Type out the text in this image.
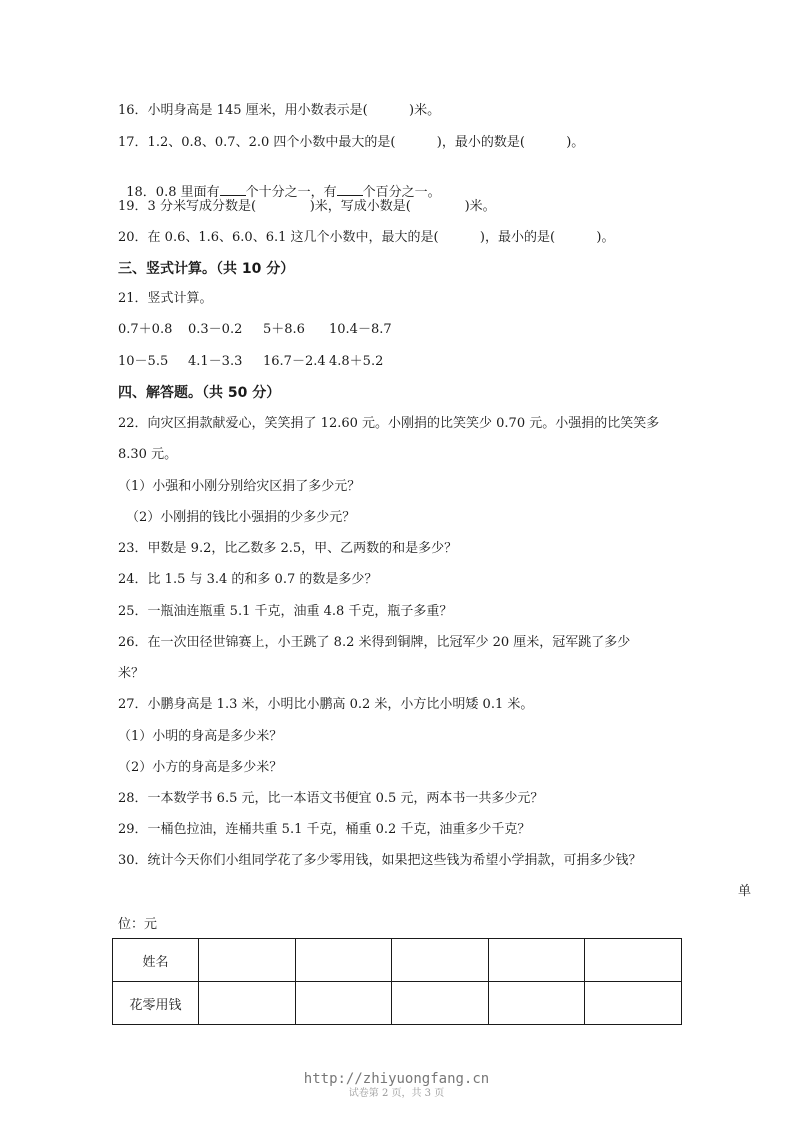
16．小明身高是 145 厘米，用小数表示是(          )米。
17．1.2、0.8、0.7、2.0 四个小数中最大的是(          )，最小的数是(          )。

18．0.8 里面有 个十分之一，有 个百分之一。

19．3 分米写成分数是(             )米，写成小数是(             )米。
20．在 0.6、1.6、6.0、6.1 这几个小数中，最大的是(          )，最小的是(          )。
三、竖式计算。（共 10 分）
21．竖式计算。

0.7＋0.8

0.3－0.2

5＋8.6

10.4－8.7

10－5.5

4.1－3.3

16.7－2.4

4.8＋5.2

四、解答题。（共 50 分）
22．向灾区捐款献爱心，笑笑捐了 12.60 元。小刚捐的比笑笑少 0.70 元。小强捐的比笑笑多
8.30 元。
（1）小强和小刚分别给灾区捐了多少元？
（2）小刚捐的钱比小强捐的少多少元？
23．甲数是 9.2，比乙数多 2.5，甲、乙两数的和是多少？
24．比 1.5 与 3.4 的和多 0.7 的数是多少？
25．一瓶油连瓶重 5.1 千克，油重 4.8 千克，瓶子多重？
26．在一次田径世锦赛上，小王跳了 8.2 米得到铜牌，比冠军少 20 厘米，冠军跳了多少
米？
27．小鹏身高是 1.3 米，小明比小鹏高 0.2 米，小方比小明矮 0.1 米。
（1）小明的身高是多少米？
（2）小方的身高是多少米？
28．一本数学书 6.5 元，比一本语文书便宜 0.5 元，两本书一共多少元？
29．一桶色拉油，连桶共重 5.1 千克，桶重 0.2 千克，油重多少千克？
30．统计今天你们小组同学花了多少零用钱，如果把这些钱为希望小学捐款，可捐多少钱？
单
位：元
姓名					
花零用钱					
http://zhiyuongfang.cn
试卷第 2 页，共 3 页
